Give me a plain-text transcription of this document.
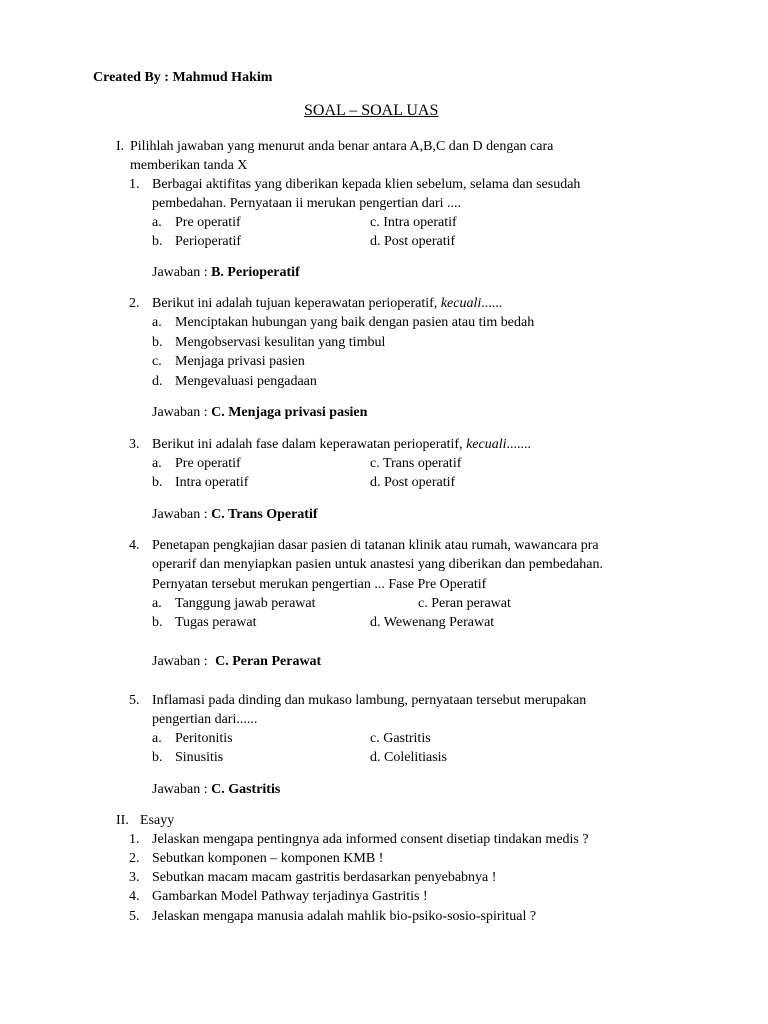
Created By : Mahmud Hakim
SOAL – SOAL UAS
I. Pilihlah jawaban yang menurut anda benar antara A,B,C dan D dengan cara
memberikan tanda X
1. Berbagai aktifitas yang diberikan kepada klien sebelum, selama dan sesudah
pembedahan. Pernyataan ii merukan pengertian dari ....
a. Pre operatif	c. Intra operatif
b. Perioperatif	d. Post operatif
Jawaban : B. Perioperatif
2. Berikut ini adalah tujuan keperawatan perioperatif, kecuali......
a. Menciptakan hubungan yang baik dengan pasien atau tim bedah
b. Mengobservasi kesulitan yang timbul
c. Menjaga privasi pasien
d. Mengevaluasi pengadaan
Jawaban : C. Menjaga privasi pasien
3. Berikut ini adalah fase dalam keperawatan perioperatif, kecuali.......
a. Pre operatif	c. Trans operatif
b. Intra operatif	d. Post operatif
Jawaban : C. Trans Operatif
4. Penetapan pengkajian dasar pasien di tatanan klinik atau rumah, wawancara pra
operarif dan menyiapkan pasien untuk anastesi yang diberikan dan pembedahan.
Pernyatan tersebut merukan pengertian ... Fase Pre Operatif
a. Tanggung jawab perawat	c. Peran perawat
b. Tugas perawat	d. Wewenang Perawat
Jawaban : C. Peran Perawat
5. Inflamasi pada dinding dan mukaso lambung, pernyataan tersebut merupakan
pengertian dari......
a. Peritonitis	c. Gastritis
b. Sinusitis	d. Colelitiasis
Jawaban : C. Gastritis
II. Esayy
1. Jelaskan mengapa pentingnya ada informed consent disetiap tindakan medis ?
2. Sebutkan komponen – komponen KMB !
3. Sebutkan macam macam gastritis berdasarkan penyebabnya !
4. Gambarkan Model Pathway terjadinya Gastritis !
5. Jelaskan mengapa manusia adalah mahlik bio-psiko-sosio-spiritual ?
